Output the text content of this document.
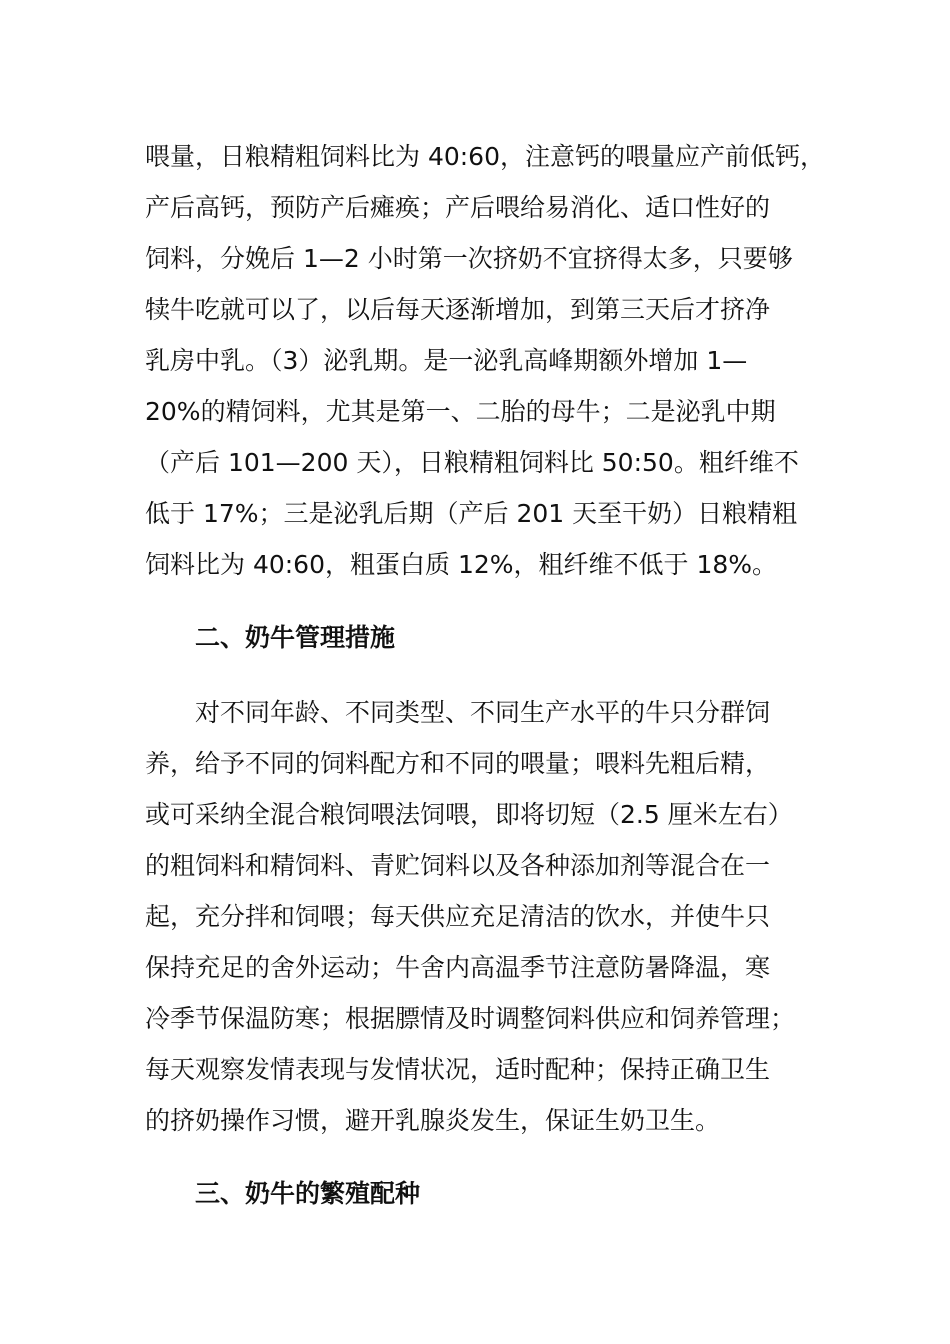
喂量，日粮精粗饲料比为 40:60，注意钙的喂量应产前低钙，
产后高钙，预防产后瘫痪；产后喂给易消化、适口性好的
饲料，分娩后 1—2 小时第一次挤奶不宜挤得太多，只要够
犊牛吃就可以了，以后每天逐渐增加，到第三天后才挤净
乳房中乳。（3）泌乳期。是一泌乳高峰期额外增加 1—
20%的精饲料，尤其是第一、二胎的母牛；二是泌乳中期
（产后 101—200 天），日粮精粗饲料比 50:50。粗纤维不
低于 17%；三是泌乳后期（产后 201 天至干奶）日粮精粗
饲料比为 40:60，粗蛋白质 12%，粗纤维不低于 18%。
二、奶牛管理措施
对不同年龄、不同类型、不同生产水平的牛只分群饲
养，给予不同的饲料配方和不同的喂量；喂料先粗后精，
或可采纳全混合粮饲喂法饲喂，即将切短（2.5 厘米左右）
的粗饲料和精饲料、青贮饲料以及各种添加剂等混合在一
起，充分拌和饲喂；每天供应充足清洁的饮水，并使牛只
保持充足的舍外运动；牛舍内高温季节注意防暑降温，寒
冷季节保温防寒；根据膘情及时调整饲料供应和饲养管理；
每天观察发情表现与发情状况，适时配种；保持正确卫生
的挤奶操作习惯，避开乳腺炎发生，保证生奶卫生。
三、奶牛的繁殖配种
